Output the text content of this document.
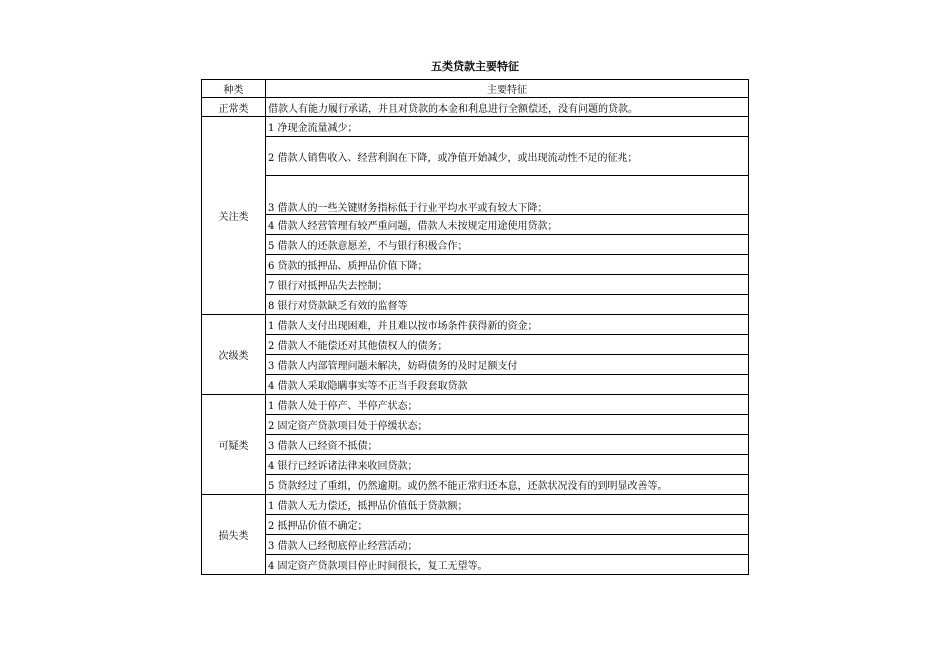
五类贷款主要特征
种类	主要特征
正常类	借款人有能力履行承诺，并且对贷款的本金和利息进行全额偿还，没有问题的贷款。
关注类	1 净现金流量减少；
	2 借款人销售收入、经营利润在下降，或净值开始减少，或出现流动性不足的征兆；
	3 借款人的一些关键财务指标低于行业平均水平或有较大下降；
	4 借款人经营管理有较严重问题，借款人未按规定用途使用贷款；
	5 借款人的还款意愿差，不与银行积极合作；
	6 贷款的抵押品、质押品价值下降；
	7 银行对抵押品失去控制；
	8 银行对贷款缺乏有效的监督等
次级类	1 借款人支付出现困难，并且难以按市场条件获得新的资金；
	2 借款人不能偿还对其他债权人的债务；
	3 借款人内部管理问题未解决，妨碍债务的及时足额支付
	4 借款人采取隐瞒事实等不正当手段套取贷款
可疑类	1 借款人处于停产、半停产状态；
	2 固定资产贷款项目处于停缓状态；
	3 借款人已经资不抵债；
	4 银行已经诉诸法律来收回贷款；
	5 贷款经过了重组，仍然逾期。或仍然不能正常归还本息，还款状况没有的到明显改善等。
损失类	1 借款人无力偿还，抵押品价值低于贷款额；
	2 抵押品价值不确定；
	3 借款人已经彻底停止经营活动；
	4 固定资产贷款项目停止时间很长，复工无望等。
